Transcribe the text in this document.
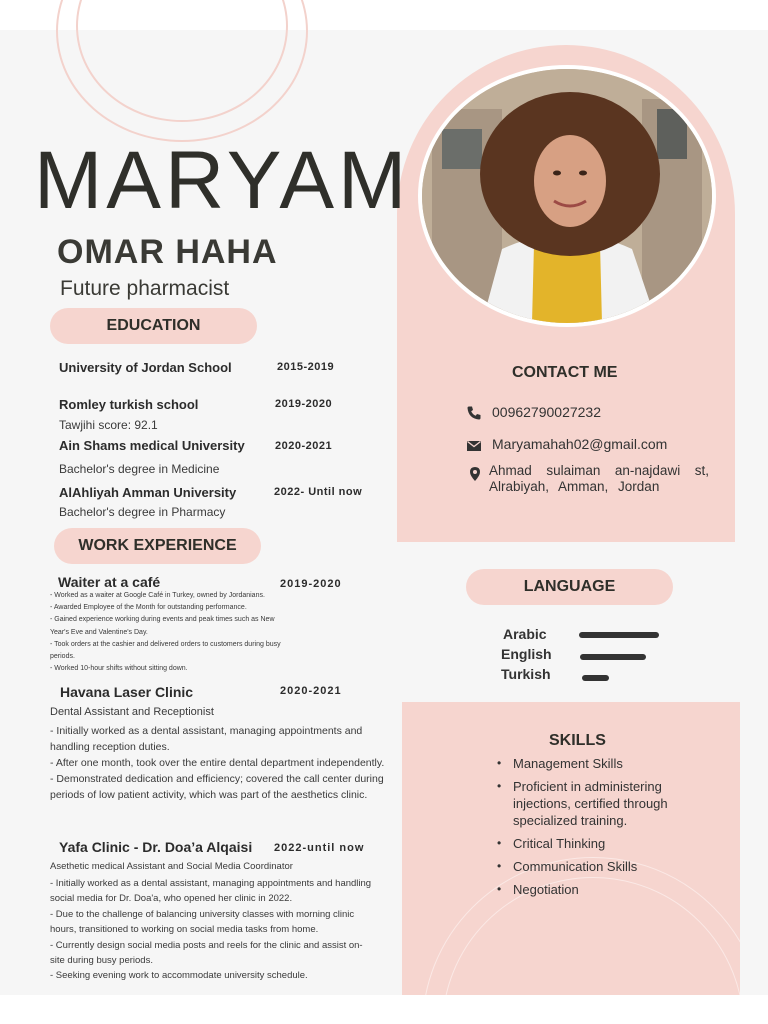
MARYAM
OMAR HAHA
Future pharmacist
EDUCATION
University of Jordan School	2015-2019
Romley turkish school	2019-2020
Tawjihi score: 92.1
Ain Shams medical University	2020-2021
Bachelor's degree in Medicine
AlAhliyah Amman University	2022- Until now
Bachelor's degree in Pharmacy
WORK EXPERIENCE
Waiter at a café	2019-2020
- Worked as a waiter at Google Café in Turkey, owned by Jordanians.
- Awarded Employee of the Month for outstanding performance.
- Gained experience working during events and peak times such as New Year's Eve and Valentine's Day.
- Took orders at the cashier and delivered orders to customers during busy periods.
- Worked 10-hour shifts without sitting down.
Havana Laser Clinic	2020-2021
Dental Assistant and Receptionist
- Initially worked as a dental assistant, managing appointments and handling reception duties.
- After one month, took over the entire dental department independently.
- Demonstrated dedication and efficiency; covered the call center during periods of low patient activity, which was part of the aesthetics clinic.
Yafa Clinic - Dr. Doa’a Alqaisi 2022-until now
Asethetic medical Assistant and Social Media Coordinator
- Initially worked as a dental assistant, managing appointments and handling social media for Dr. Doa'a, who opened her clinic in 2022.
- Due to the challenge of balancing university classes with morning clinic hours, transitioned to working on social media tasks from home.
- Currently design social media posts and reels for the clinic and assist on-site during busy periods.
- Seeking evening work to accommodate university schedule.
CONTACT ME
00962790027232
Maryamahah02@gmail.com
Ahmad sulaiman an-najdawi st, Alrabiyah, Amman, Jordan
LANGUAGE
Arabic
English
Turkish
SKILLS
• Management Skills
• Proficient in administering injections, certified through specialized training.
• Critical Thinking
• Communication Skills
• Negotiation
